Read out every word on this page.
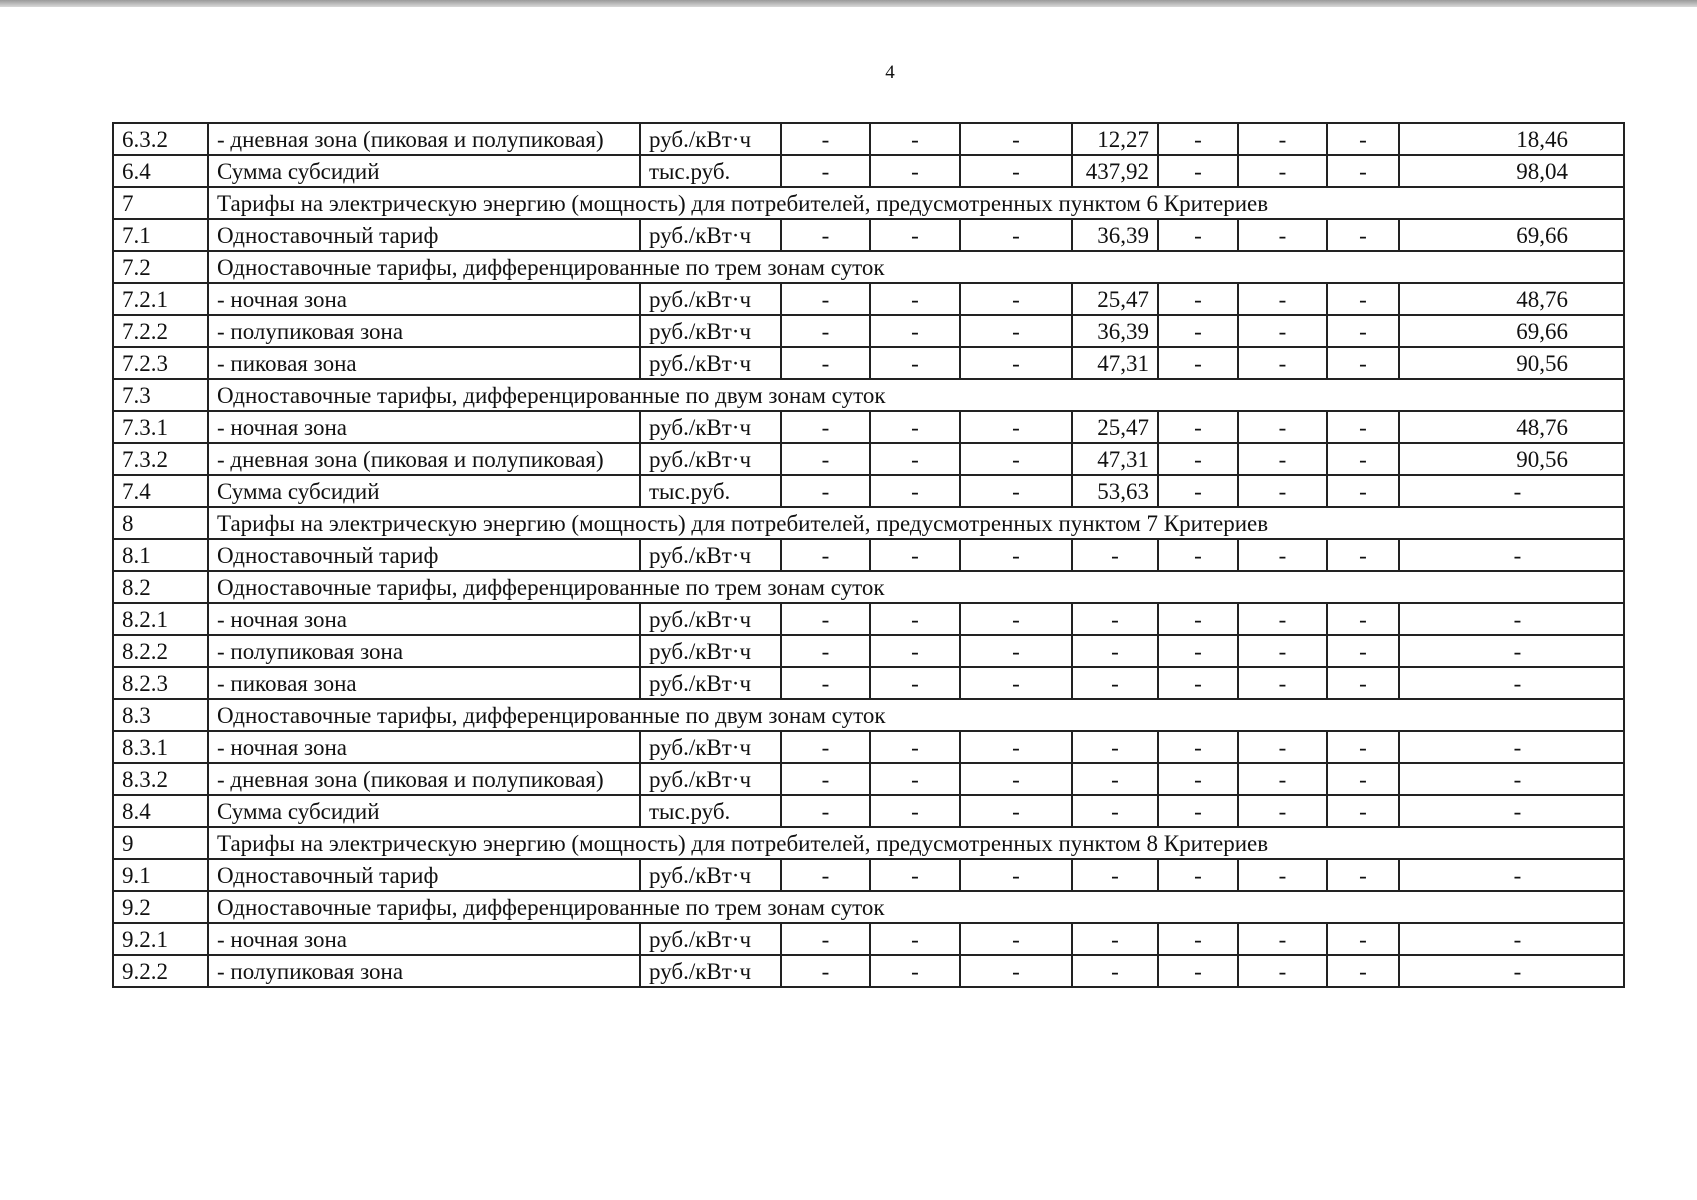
4
6.3.2	- дневная зона (пиковая и полупиковая)	руб./кВт·ч	-	-	-	12,27	-	-	-	18,46
6.4	Сумма субсидий	тыс.руб.	-	-	-	437,92	-	-	-	98,04
7	Тарифы на электрическую энергию (мощность) для потребителей, предусмотренных пунктом 6 Критериев									
7.1	Одноставочный тариф	руб./кВт·ч	-	-	-	36,39	-	-	-	69,66
7.2	Одноставочные тарифы, дифференцированные по трем зонам суток									
7.2.1	- ночная зона	руб./кВт·ч	-	-	-	25,47	-	-	-	48,76
7.2.2	- полупиковая зона	руб./кВт·ч	-	-	-	36,39	-	-	-	69,66
7.2.3	- пиковая зона	руб./кВт·ч	-	-	-	47,31	-	-	-	90,56
7.3	Одноставочные тарифы, дифференцированные по двум зонам суток									
7.3.1	- ночная зона	руб./кВт·ч	-	-	-	25,47	-	-	-	48,76
7.3.2	- дневная зона (пиковая и полупиковая)	руб./кВт·ч	-	-	-	47,31	-	-	-	90,56
7.4	Сумма субсидий	тыс.руб.	-	-	-	53,63	-	-	-	-
8	Тарифы на электрическую энергию (мощность) для потребителей, предусмотренных пунктом 7 Критериев									
8.1	Одноставочный тариф	руб./кВт·ч	-	-	-	-	-	-	-	-
8.2	Одноставочные тарифы, дифференцированные по трем зонам суток									
8.2.1	- ночная зона	руб./кВт·ч	-	-	-	-	-	-	-	-
8.2.2	- полупиковая зона	руб./кВт·ч	-	-	-	-	-	-	-	-
8.2.3	- пиковая зона	руб./кВт·ч	-	-	-	-	-	-	-	-
8.3	Одноставочные тарифы, дифференцированные по двум зонам суток									
8.3.1	- ночная зона	руб./кВт·ч	-	-	-	-	-	-	-	-
8.3.2	- дневная зона (пиковая и полупиковая)	руб./кВт·ч	-	-	-	-	-	-	-	-
8.4	Сумма субсидий	тыс.руб.	-	-	-	-	-	-	-	-
9	Тарифы на электрическую энергию (мощность) для потребителей, предусмотренных пунктом 8 Критериев									
9.1	Одноставочный тариф	руб./кВт·ч	-	-	-	-	-	-	-	-
9.2	Одноставочные тарифы, дифференцированные по трем зонам суток									
9.2.1	- ночная зона	руб./кВт·ч	-	-	-	-	-	-	-	-
9.2.2	- полупиковая зона	руб./кВт·ч	-	-	-	-	-	-	-	-
